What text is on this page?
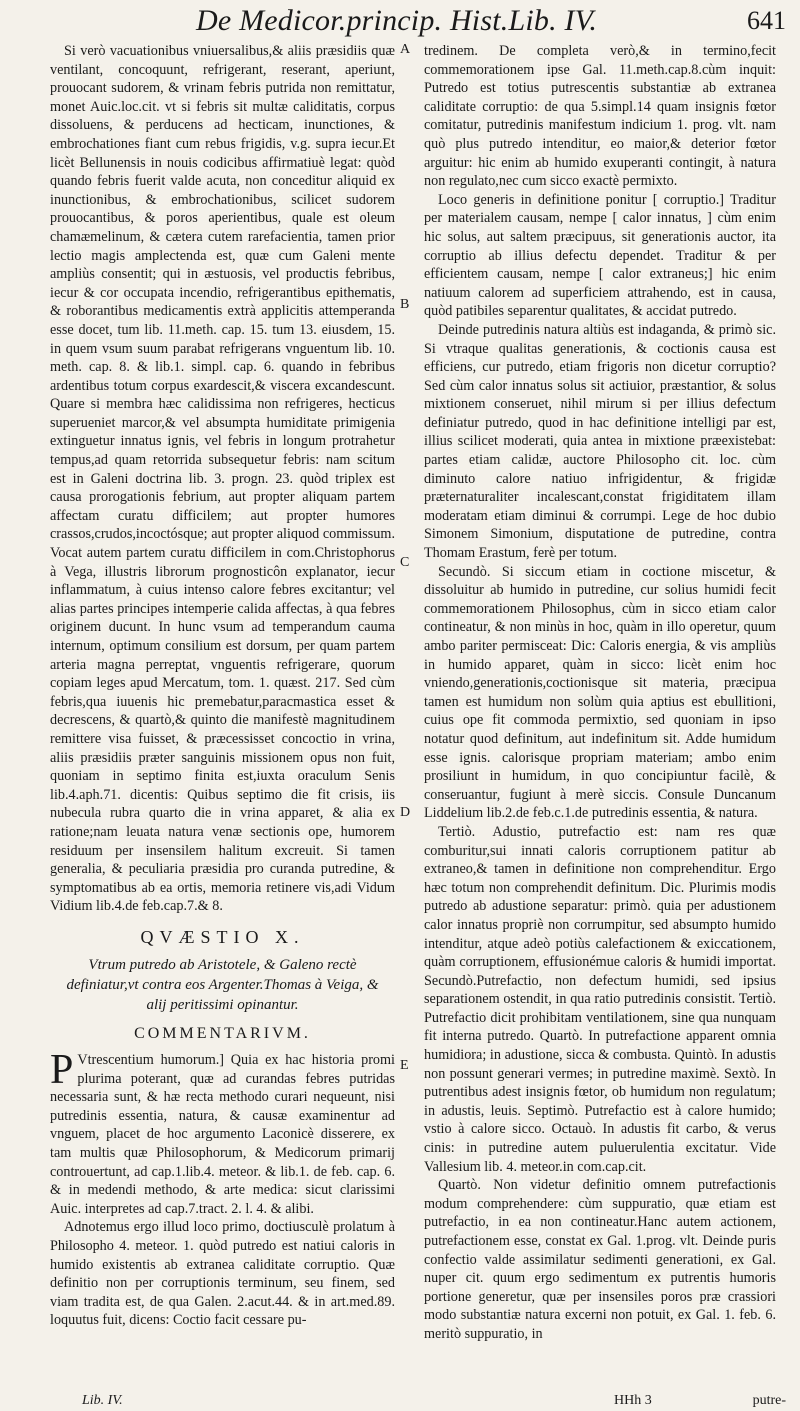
De Medicor.princip. Hist.Lib. IV.	641

Si verò vacuationibus vniuersalibus,& aliis præsidiis quæ ventilant, concoquunt, refrigerant, reserant, aperiunt, prouocant sudorem, & vrinam febris putrida non remittatur, monet Auic.loc.cit. vt si febris sit multæ caliditatis, corpus dissoluens, & perducens ad hecticam, inunctiones, & embrochationes fiant cum rebus frigidis, v.g. supra iecur.Et licèt Bellunensis in nouis codicibus affirmatiuè legat: quòd quando febris fuerit valde acuta, non conceditur aliquid ex inunctionibus, & embrochationibus, scilicet sudorem prouocantibus, & poros aperientibus, quale est oleum chamæmelinum, & cætera cutem rarefacientia, tamen prior lectio magis amplectenda est, quæ cum Galeni mente ampliùs consentit; qui in æstuosis, vel productis febribus, iecur & cor occupata incendio, refrigerantibus epithematis, & roborantibus medicamentis extrà applicitis attemperanda esse docet, tum lib. 11.meth. cap. 15. tum 13. eiusdem, 15. in quem vsum suum parabat refrigerans vnguentum lib. 10. meth. cap. 8. & lib.1. simpl. cap. 6. quando in febribus ardentibus totum corpus exardescit,& viscera excandescunt. Quare si membra hæc calidissima non refrigeres, hecticus superueniet marcor,& vel absumpta humiditate primigenia extinguetur innatus ignis, vel febris in longum protrahetur tempus,ad quam retorrida subsequetur febris: nam scitum est in Galeni doctrina lib. 3. progn. 23. quòd triplex est causa prorogationis febrium, aut propter aliquam partem affectam curatu difficilem; aut propter humores crassos,crudos,incoctósque; aut propter aliquod commissum. Vocat autem partem curatu difficilem in com.Christophorus à Vega, illustris librorum prognosticôn explanator, iecur inflammatum, à cuius intenso calore febres excitantur; vel alias partes principes intemperie calida affectas, à qua febres originem ducunt. In hunc vsum ad temperandum cauma internum, optimum consilium est dorsum, per quam partem arteria magna perreptat, vnguentis refrigerare, quorum copiam leges apud Mercatum, tom. 1. quæst. 217. Sed cùm febris,qua iuuenis hic premebatur,paracmastica esset & decrescens, & quartò,& quinto die manifestè magnitudinem remittere visa fuisset, & præcessisset concoctio in vrina, aliis præsidiis præter sanguinis missionem opus non fuit, quoniam in septimo finita est,iuxta oraculum Senis lib.4.aph.71. dicentis: Quibus septimo die fit crisis, iis nubecula rubra quarto die in vrina apparet, & alia ex ratione;nam leuata natura venæ sectionis ope, humorem residuum per insensilem halitum excreuit. Si tamen generalia, & peculiaria præsidia pro curanda putredine, & symptomatibus ab ea ortis, memoria retinere vis,adi Vidum Vidium lib.4.de feb.cap.7.& 8.

QVÆSTIO X.
Vtrum putredo ab Aristotele, & Galeno rectè definiatur,vt contra eos Argenter.Thomas à Veiga, & alij peritissimi opinantur.
COMMENTARIVM.

P Vtrescentium humorum.] Quia ex hac historia promi plurima poterant, quæ ad curandas febres putridas necessaria sunt, & hæ recta methodo curari nequeunt, nisi putredinis essentia, natura, & causæ examinentur ad vnguem, placet de hoc argumento Laconicè disserere, ex tam multis quæ Philosophorum, & Medicorum primarij controuertunt, ad cap.1.lib.4. meteor. & lib.1. de feb. cap. 6. & in medendi methodo, & arte medica: sicut clarissimi Auic. interpretes ad cap.7.tract. 2. l. 4. & alibi.

Adnotemus ergo illud loco primo, doctiusculè prolatum à Philosopho 4. meteor. 1. quòd putredo est natiui caloris in humido existentis ab extranea caliditate corruptio. Quæ definitio non per corruptionis terminum, seu finem, sed viam tradita est, de qua Galen. 2.acut.44. & in art.med.89. loquutus fuit, dicens: Coctio facit cessare pu-

A
B
C
D
E

tredinem. De completa verò,& in termino,fecit commemorationem ipse Gal. 11.meth.cap.8.cùm inquit: Putredo est totius putrescentis substantiæ ab extranea caliditate corruptio: de qua 5.simpl.14 quam insignis fœtor comitatur, putredinis manifestum indicium 1. prog. vlt. nam quò plus putredo intenditur, eo maior,& deterior fœtor arguitur: hic enim ab humido exuperanti contingit, à natura non regulato,nec cum sicco exactè permixto.

Loco generis in definitione ponitur [ corruptio.] Traditur per materialem causam, nempe [ calor innatus, ] cùm enim hic solus, aut saltem præcipuus, sit generationis auctor, ita corruptio ab illius defectu dependet. Traditur & per efficientem causam, nempe [ calor extraneus;] hic enim natiuum calorem ad superficiem attrahendo, est in causa, quòd patibiles separentur qualitates, & accidat putredo.

Deinde putredinis natura altiùs est indaganda, & primò sic. Si vtraque qualitas generationis, & coctionis causa est efficiens, cur putredo, etiam frigoris non dicetur corruptio? Sed cùm calor innatus solus sit actiuior, præstantior, & solus mixtionem conseruet, nihil mirum si per illius defectum definiatur putredo, quod in hac definitione intelligi par est, illius scilicet moderati, quia antea in mixtione præexistebat: partes etiam calidæ, auctore Philosopho cit. loc. cùm diminuto calore natiuo infrigidentur, & frigidæ præternaturaliter incalescant,constat frigiditatem illam moderatam etiam diminui & corrumpi. Lege de hoc dubio Simonem Simonium, disputatione de putredine, contra Thomam Erastum, ferè per totum.

Secundò. Si siccum etiam in coctione miscetur, & dissoluitur ab humido in putredine, cur solius humidi fecit commemorationem Philosophus, cùm in sicco etiam calor contineatur, & non minùs in hoc, quàm in illo operetur, quum ambo pariter permisceat: Dic: Caloris energia, & vis ampliùs in humido apparet, quàm in sicco: licèt enim hoc vniendo,generationis,coctionisque sit materia, præcipua tamen est humidum non solùm quia aptius est ebullitioni, cuius ope fit commoda permixtio, sed quoniam in ipso notatur quod definitum, aut indefinitum sit. Adde humidum esse ignis. calorisque propriam materiam; ambo enim prosiliunt in humidum, in quo concipiuntur facilè, & conseruantur, fugiunt à merè siccis. Consule Duncanum Liddelium lib.2.de feb.c.1.de putredinis essentia, & natura.

Tertiò. Adustio, putrefactio est: nam res quæ comburitur,sui innati caloris corruptionem patitur ab extraneo,& tamen in definitione non comprehenditur. Ergo hæc totum non comprehendit definitum. Dic. Plurimis modis putredo ab adustione separatur: primò. quia per adustionem calor innatus propriè non corrumpitur, sed absumpto humido intenditur, atque adeò potiùs calefactionem & exiccationem, quàm corruptionem, effusionémue caloris & humidi importat. Secundò.Putrefactio, non defectum humidi, sed ipsius separationem ostendit, in qua ratio putredinis consistit. Tertiò. Putrefactio dicit prohibitam ventilationem, sine qua nunquam fit interna putredo. Quartò. In putrefactione apparent omnia humidiora; in adustione, sicca & combusta. Quintò. In adustis non possunt generari vermes; in putredine maximè. Sextò. In putrentibus adest insignis fœtor, ob humidum non regulatum; in adustis, leuis. Septimò. Putrefactio est à calore humido; vstio à calore sicco. Octauò. In adustis fit carbo, & verus cinis: in putredine autem puluerulentia excitatur. Vide Vallesium lib. 4. meteor.in com.cap.cit.

Quartò. Non videtur definitio omnem putrefactionis modum comprehendere: cùm suppuratio, quæ etiam est putrefactio, in ea non contineatur.Hanc autem actionem, putrefactionem esse, constat ex Gal. 1.prog. vlt. Deinde puris confectio valde assimilatur sedimenti generationi, ex Gal. nuper cit. quum ergo sedimentum ex putrentis humoris portione generetur, quæ per insensiles poros præ crassiori modo substantiæ natura excerni non potuit, ex Gal. 1. feb. 6. meritò suppuratio, in

Lib. IV.	HHh 3	putre-
